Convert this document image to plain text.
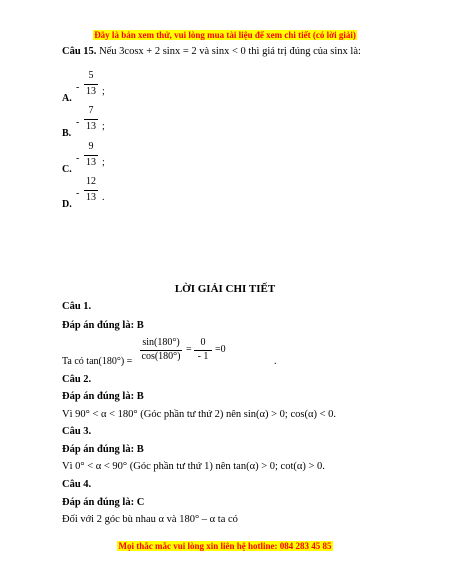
Đây là bản xem thử, vui lòng mua tài liệu để xem chi tiết (có lời giải)
Câu 15. Nếu 3cosx + 2 sinx = 2 và sinx < 0 thì giá trị đúng của sinx là:
A.
-
5
13 ;
B.
-
7
13 ;
C.
-
9
13 ;
D.
-
12
13 .
LỜI GIẢI CHI TIẾT
Câu 1.
Đáp án đúng là: B
Ta có tan(180°) =
sin(180°)
cos(180°)
=
0
- 1
=0
.
Câu 2.
Đáp án đúng là: B
Vì 90° < α < 180° (Góc phần tư thứ 2) nên sin(α) > 0; cos(α) < 0.
Câu 3.
Đáp án đúng là: B
Vì 0° < α < 90° (Góc phần tư thứ 1) nên tan(α) > 0; cot(α) > 0.
Câu 4.
Đáp án đúng là: C
Đối với 2 góc bù nhau α và 180° – α ta có
Mọi thắc mắc vui lòng xin liên hệ hotline: 084 283 45 85
